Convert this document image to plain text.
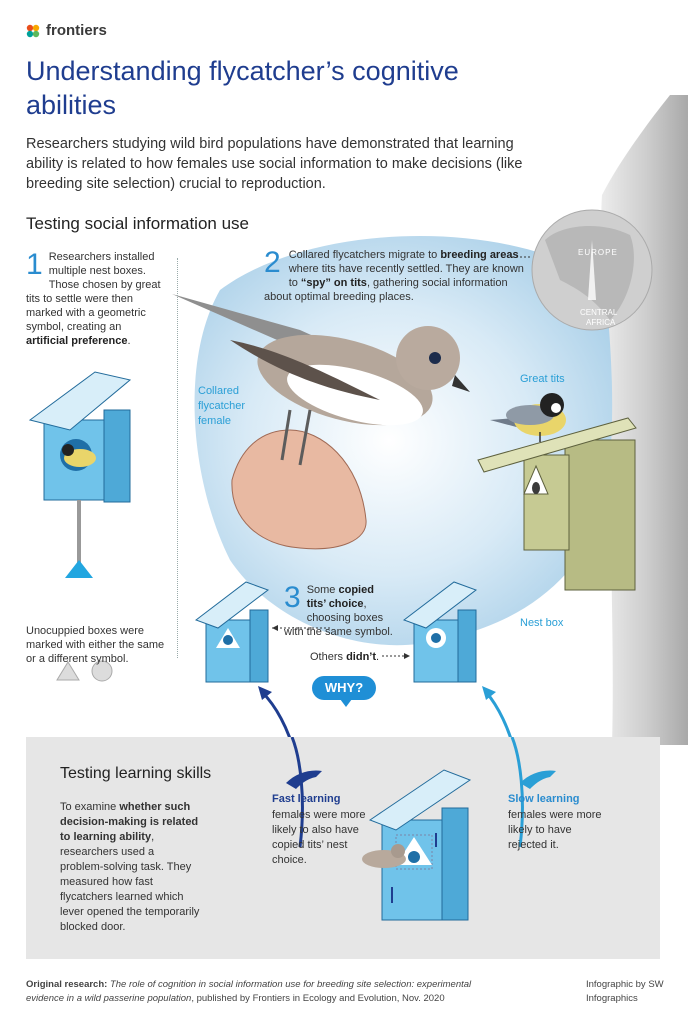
frontiers
Understanding flycatcher’s cognitive abilities

Researchers studying wild bird populations have demonstrated that learning ability is related to how females use social information to make decisions (like breeding site selection) crucial to reproduction.

Testing social information use
1 Researchers installed multiple nest boxes. Those chosen by great tits to settle were then marked with a geometric symbol, creating an artificial preference.

2 Collared flycatchers migrate to breeding areas where tits have recently settled. They are known to “spy” on tits, gathering social information about optimal breeding places.

EUROPE
CENTRAL
AFRICA
Collared flycatcher female
Great tits
Nest box

Unocuppied boxes were marked with either the same or a different symbol.

3 Some copied tits’ choice, choosing boxes with the same symbol.

Others didn’t.

WHY?
Testing learning skills

To examine whether such decision-making is related to learning ability, researchers used a problem-solving task. They measured how fast flycatchers learned which lever opened the temporarily blocked door.

Fast learning

females were more likely to also have copied tits’ nest choice.

Slow learning

females were more likely to have rejected it.

Original research: The role of cognition in social information use for breeding site selection: experimental evidence in a wild passerine population, published by Frontiers in Ecology and Evolution, Nov. 2020

Infographic by SW Infographics
